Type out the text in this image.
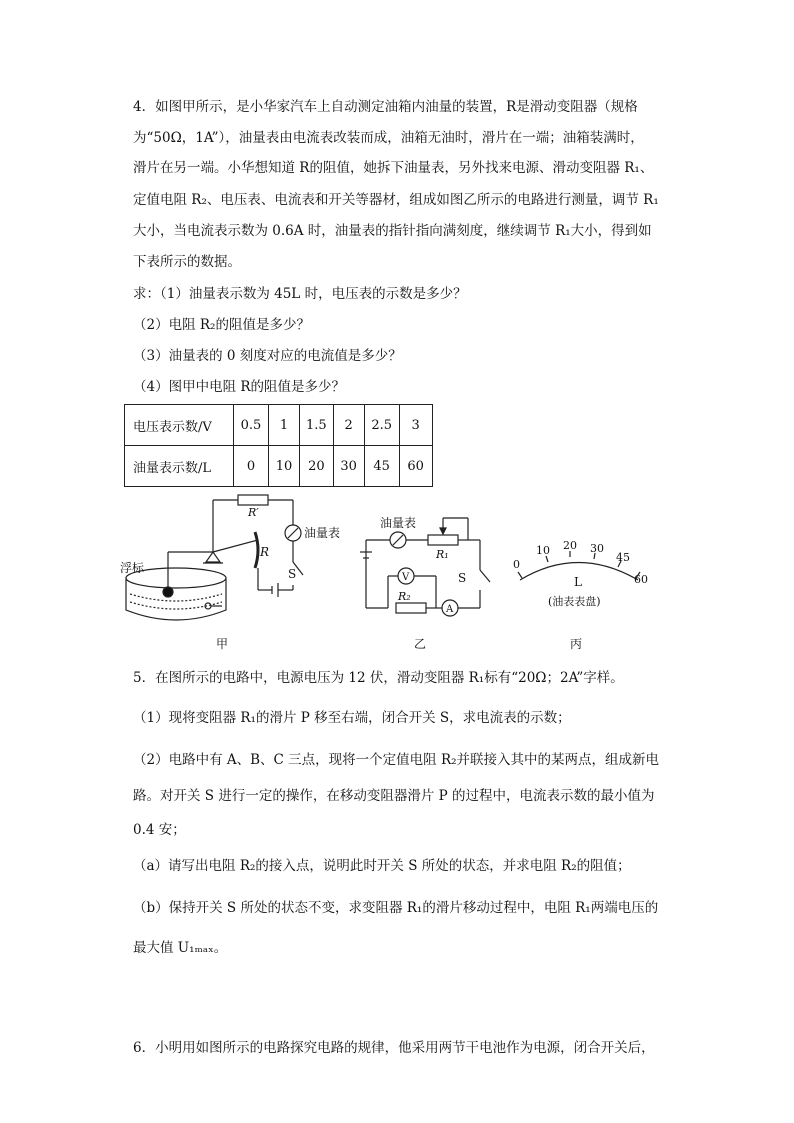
4．如图甲所示，是小华家汽车上自动测定油箱内油量的装置，R是滑动变阻器（规格
为“50Ω，1A”），油量表由电流表改装而成，油箱无油时，滑片在一端；油箱装满时，
滑片在另一端。小华想知道 R的阻值，她拆下油量表，另外找来电源、滑动变阻器 R₁、
定值电阻 R₂、电压表、电流表和开关等器材，组成如图乙所示的电路进行测量，调节 R₁
大小，当电流表示数为 0.6A 时，油量表的指针指向满刻度，继续调节 R₁大小，得到如
下表所示的数据。
求：（1）油量表示数为 45L 时，电压表的示数是多少？
（2）电阻 R₂的阻值是多少？
（3）油量表的 0 刻度对应的电流值是多少？
（4）图甲中电阻 R的阻值是多少？
电压表示数/V	0.5	1	1.5	2	2.5	3
油量表示数/L	0	10	20	30	45	60
浮标
R
R′
油量表
S
甲
油量表
R₁
R₂
V
A
S
乙
0
10 20 30
45
60
L
(油表表盘)
丙
5．在图所示的电路中，电源电压为 12 伏，滑动变阻器 R₁标有“20Ω；2A”字样。
（1）现将变阻器 R₁的滑片 P 移至右端，闭合开关 S，求电流表的示数；
（2）电路中有 A、B、C 三点，现将一个定值电阻 R₂并联接入其中的某两点，组成新电
路。对开关 S 进行一定的操作，在移动变阻器滑片 P 的过程中，电流表示数的最小值为
0.4 安；
（a）请写出电阻 R₂的接入点，说明此时开关 S 所处的状态，并求电阻 R₂的阻值；
（b）保持开关 S 所处的状态不变，求变阻器 R₁的滑片移动过程中，电阻 R₁两端电压的
最大值 U₁ₘₐₓ。
6．小明用如图所示的电路探究电路的规律，他采用两节干电池作为电源，闭合开关后，
